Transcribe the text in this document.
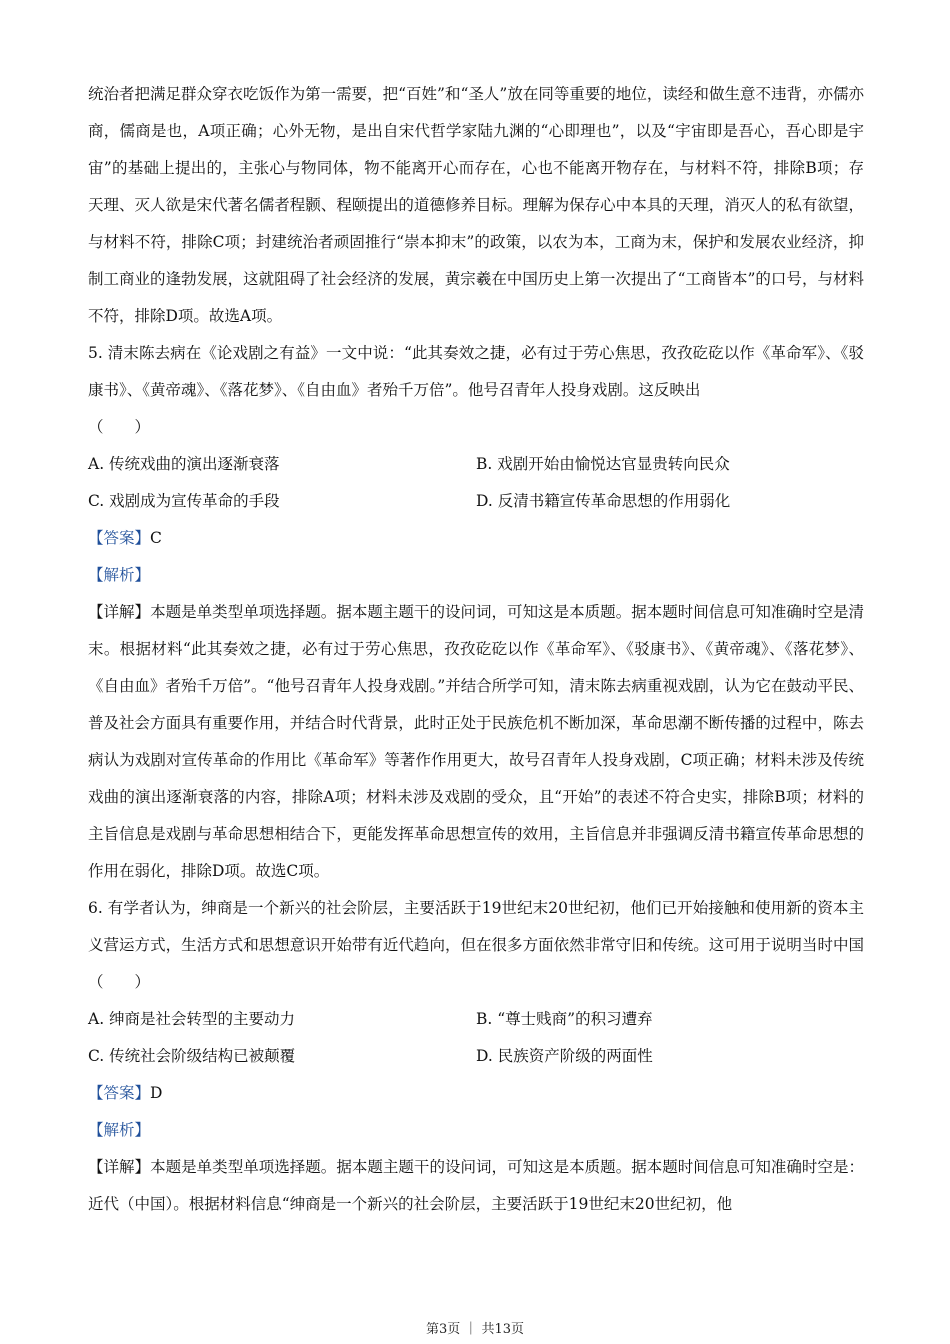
统治者把满足群众穿衣吃饭作为第一需要，把“百姓”和“圣人”放在同等重要的地位，读经和做生意不违背，亦儒亦商，儒商是也，A项正确；心外无物，是出自宋代哲学家陆九渊的“心即理也”，以及“宇宙即是吾心，吾心即是宇宙”的基础上提出的，主张心与物同体，物不能离开心而存在，心也不能离开物存在，与材料不符，排除B项；存天理、灭人欲是宋代著名儒者程颢、程颐提出的道德修养目标。理解为保存心中本具的天理，消灭人的私有欲望，与材料不符，排除C项；封建统治者顽固推行“崇本抑末”的政策，以农为本，工商为末，保护和发展农业经济，抑制工商业的逢勃发展，这就阻碍了社会经济的发展，黄宗羲在中国历史上第一次提出了“工商皆本”的口号，与材料不符，排除D项。故选A项。

5. 清末陈去病在《论戏剧之有益》一文中说：“此其奏效之捷，必有过于劳心焦思，孜孜矻矻以作《革命军》、《驳康书》、《黄帝魂》、《落花梦》、《自由血》者殆千万倍”。他号召青年人投身戏剧。这反映出

（　　）

A. 传统戏曲的演出逐渐衰落	B. 戏剧开始由愉悦达官显贵转向民众
C. 戏剧成为宣传革命的手段	D. 反清书籍宣传革命思想的作用弱化

【答案】C

【解析】

【详解】本题是单类型单项选择题。据本题主题干的设问词，可知这是本质题。据本题时间信息可知准确时空是清末。根据材料“此其奏效之捷，必有过于劳心焦思，孜孜矻矻以作《革命军》、《驳康书》、《黄帝魂》、《落花梦》、《自由血》者殆千万倍”。“他号召青年人投身戏剧。”并结合所学可知，清末陈去病重视戏剧，认为它在鼓动平民、普及社会方面具有重要作用，并结合时代背景，此时正处于民族危机不断加深，革命思潮不断传播的过程中，陈去病认为戏剧对宣传革命的作用比《革命军》等著作作用更大，故号召青年人投身戏剧，C项正确；材料未涉及传统戏曲的演出逐渐衰落的内容，排除A项；材料未涉及戏剧的受众，且“开始”的表述不符合史实，排除B项；材料的主旨信息是戏剧与革命思想相结合下，更能发挥革命思想宣传的效用，主旨信息并非强调反清书籍宣传革命思想的作用在弱化，排除D项。故选C项。

6. 有学者认为，绅商是一个新兴的社会阶层，主要活跃于19世纪末20世纪初，他们已开始接触和使用新的资本主义营运方式，生活方式和思想意识开始带有近代趋向，但在很多方面依然非常守旧和传统。这可用于说明当时中国（　　）

A. 绅商是社会转型的主要动力	B. “尊士贱商”的积习遭弃
C. 传统社会阶级结构已被颠覆	D. 民族资产阶级的两面性

【答案】D

【解析】

【详解】本题是单类型单项选择题。据本题主题干的设问词，可知这是本质题。据本题时间信息可知准确时空是：近代（中国）。根据材料信息“绅商是一个新兴的社会阶层，主要活跃于19世纪末20世纪初，他

第3页 ｜ 共13页
